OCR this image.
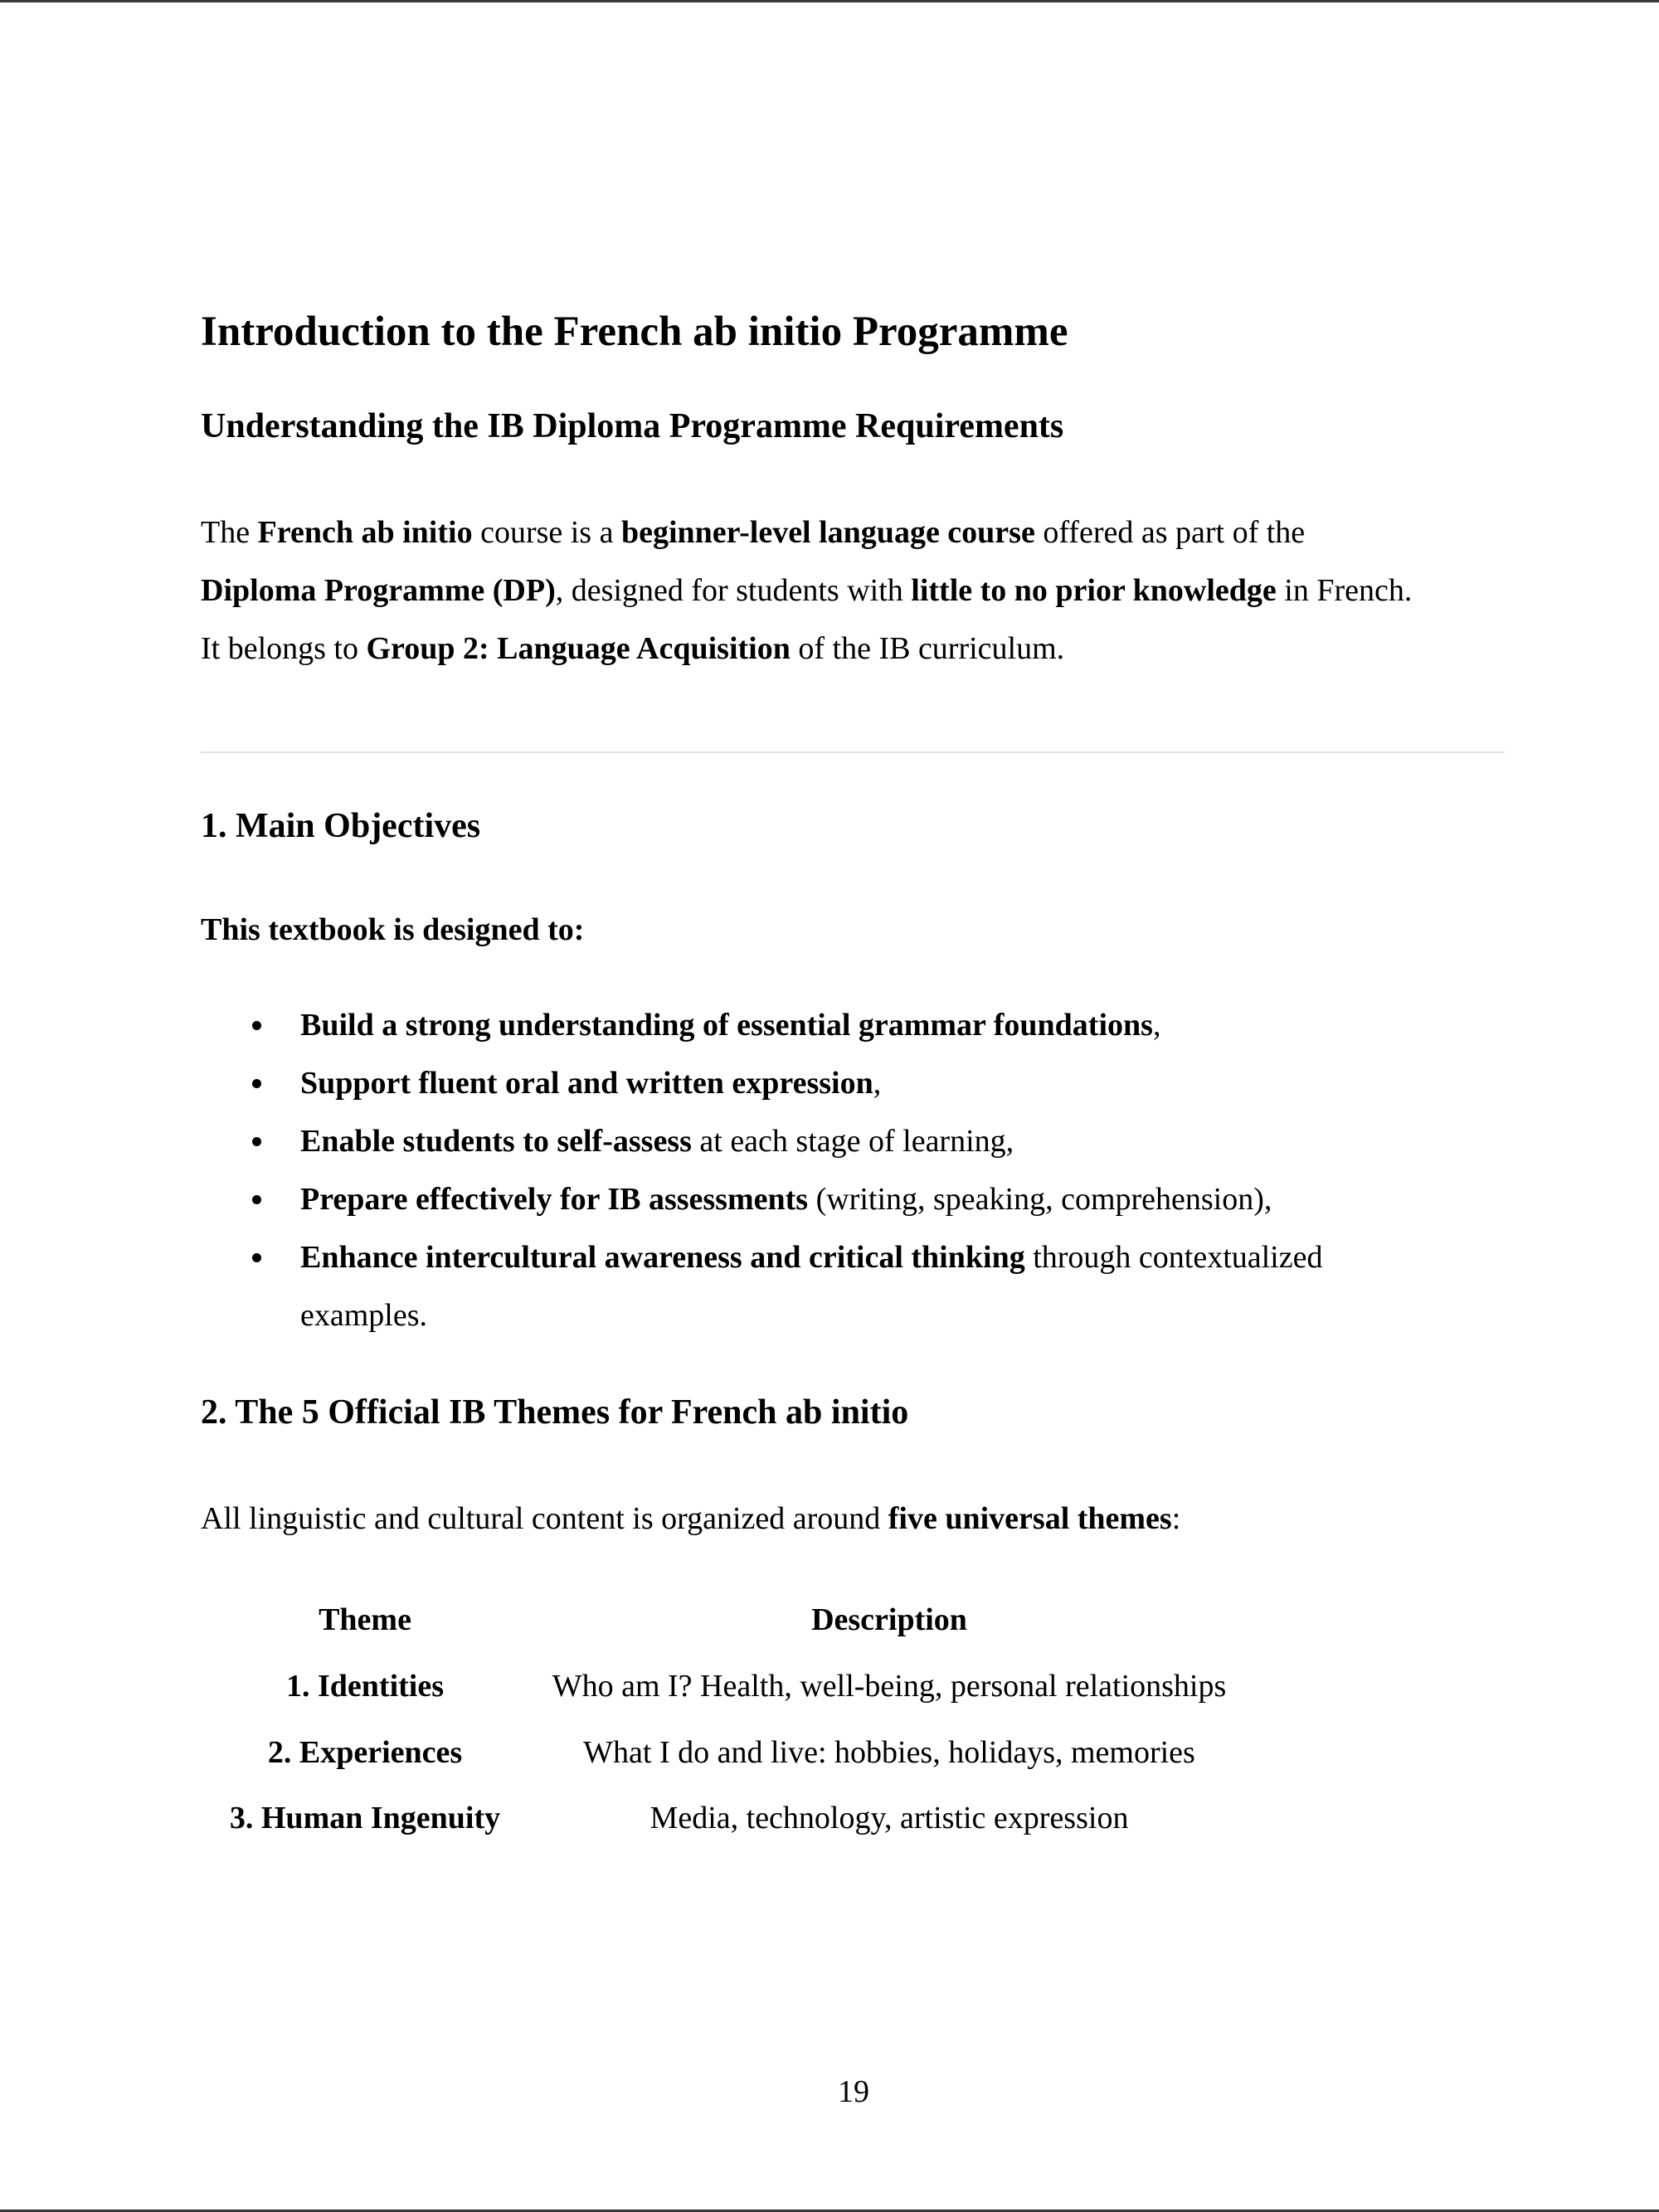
Introduction to the French ab initio Programme
Understanding the IB Diploma Programme Requirements
The French ab initio course is a beginner-level language course offered as part of the
Diploma Programme (DP), designed for students with little to no prior knowledge in French.
It belongs to Group 2: Language Acquisition of the IB curriculum.
1. Main Objectives
This textbook is designed to:
Build a strong understanding of essential grammar foundations,
Support fluent oral and written expression,
Enable students to self-assess at each stage of learning,
Prepare effectively for IB assessments (writing, speaking, comprehension),
Enhance intercultural awareness and critical thinking through contextualized
examples.
2. The 5 Official IB Themes for French ab initio
All linguistic and cultural content is organized around five universal themes:
Theme	Description
1. Identities	Who am I? Health, well-being, personal relationships
2. Experiences	What I do and live: hobbies, holidays, memories
3. Human Ingenuity	Media, technology, artistic expression
19
